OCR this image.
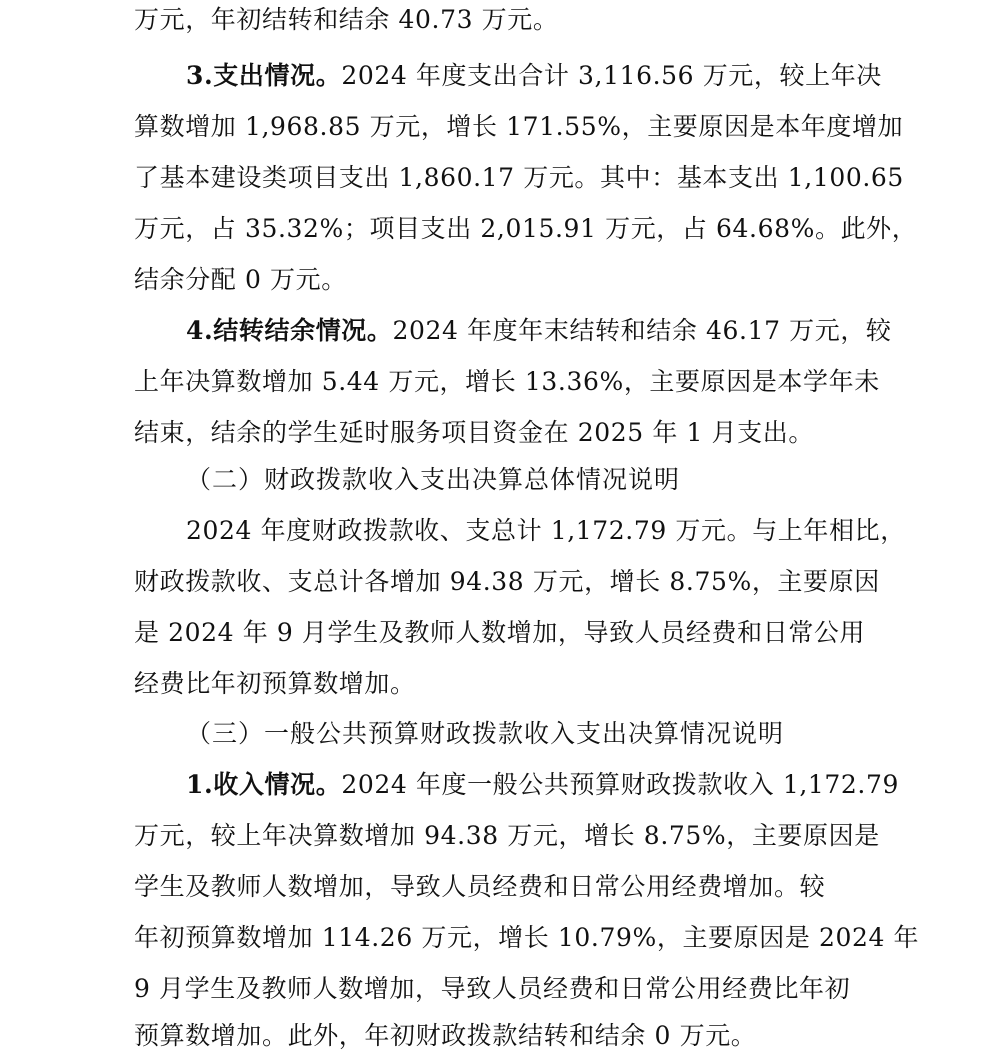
万元，年初结转和结余 40.73 万元。
3.支出情况。2024 年度支出合计 3,116.56 万元，较上年决
算数增加 1,968.85 万元，增长 171.55%，主要原因是本年度增加
了基本建设类项目支出 1,860.17 万元。其中：基本支出 1,100.65
万元，占 35.32%；项目支出 2,015.91 万元，占 64.68%。此外，
结余分配 0 万元。
4.结转结余情况。2024 年度年末结转和结余 46.17 万元，较
上年决算数增加 5.44 万元，增长 13.36%，主要原因是本学年未
结束，结余的学生延时服务项目资金在 2025 年 1 月支出。
（二）财政拨款收入支出决算总体情况说明
2024 年度财政拨款收、支总计 1,172.79 万元。与上年相比，
财政拨款收、支总计各增加 94.38 万元，增长 8.75%，主要原因
是 2024 年 9 月学生及教师人数增加，导致人员经费和日常公用
经费比年初预算数增加。
（三）一般公共预算财政拨款收入支出决算情况说明
1.收入情况。2024 年度一般公共预算财政拨款收入 1,172.79
万元，较上年决算数增加 94.38 万元，增长 8.75%，主要原因是
学生及教师人数增加，导致人员经费和日常公用经费增加。较
年初预算数增加 114.26 万元，增长 10.79%，主要原因是 2024 年
9 月学生及教师人数增加，导致人员经费和日常公用经费比年初
预算数增加。此外，年初财政拨款结转和结余 0 万元。
